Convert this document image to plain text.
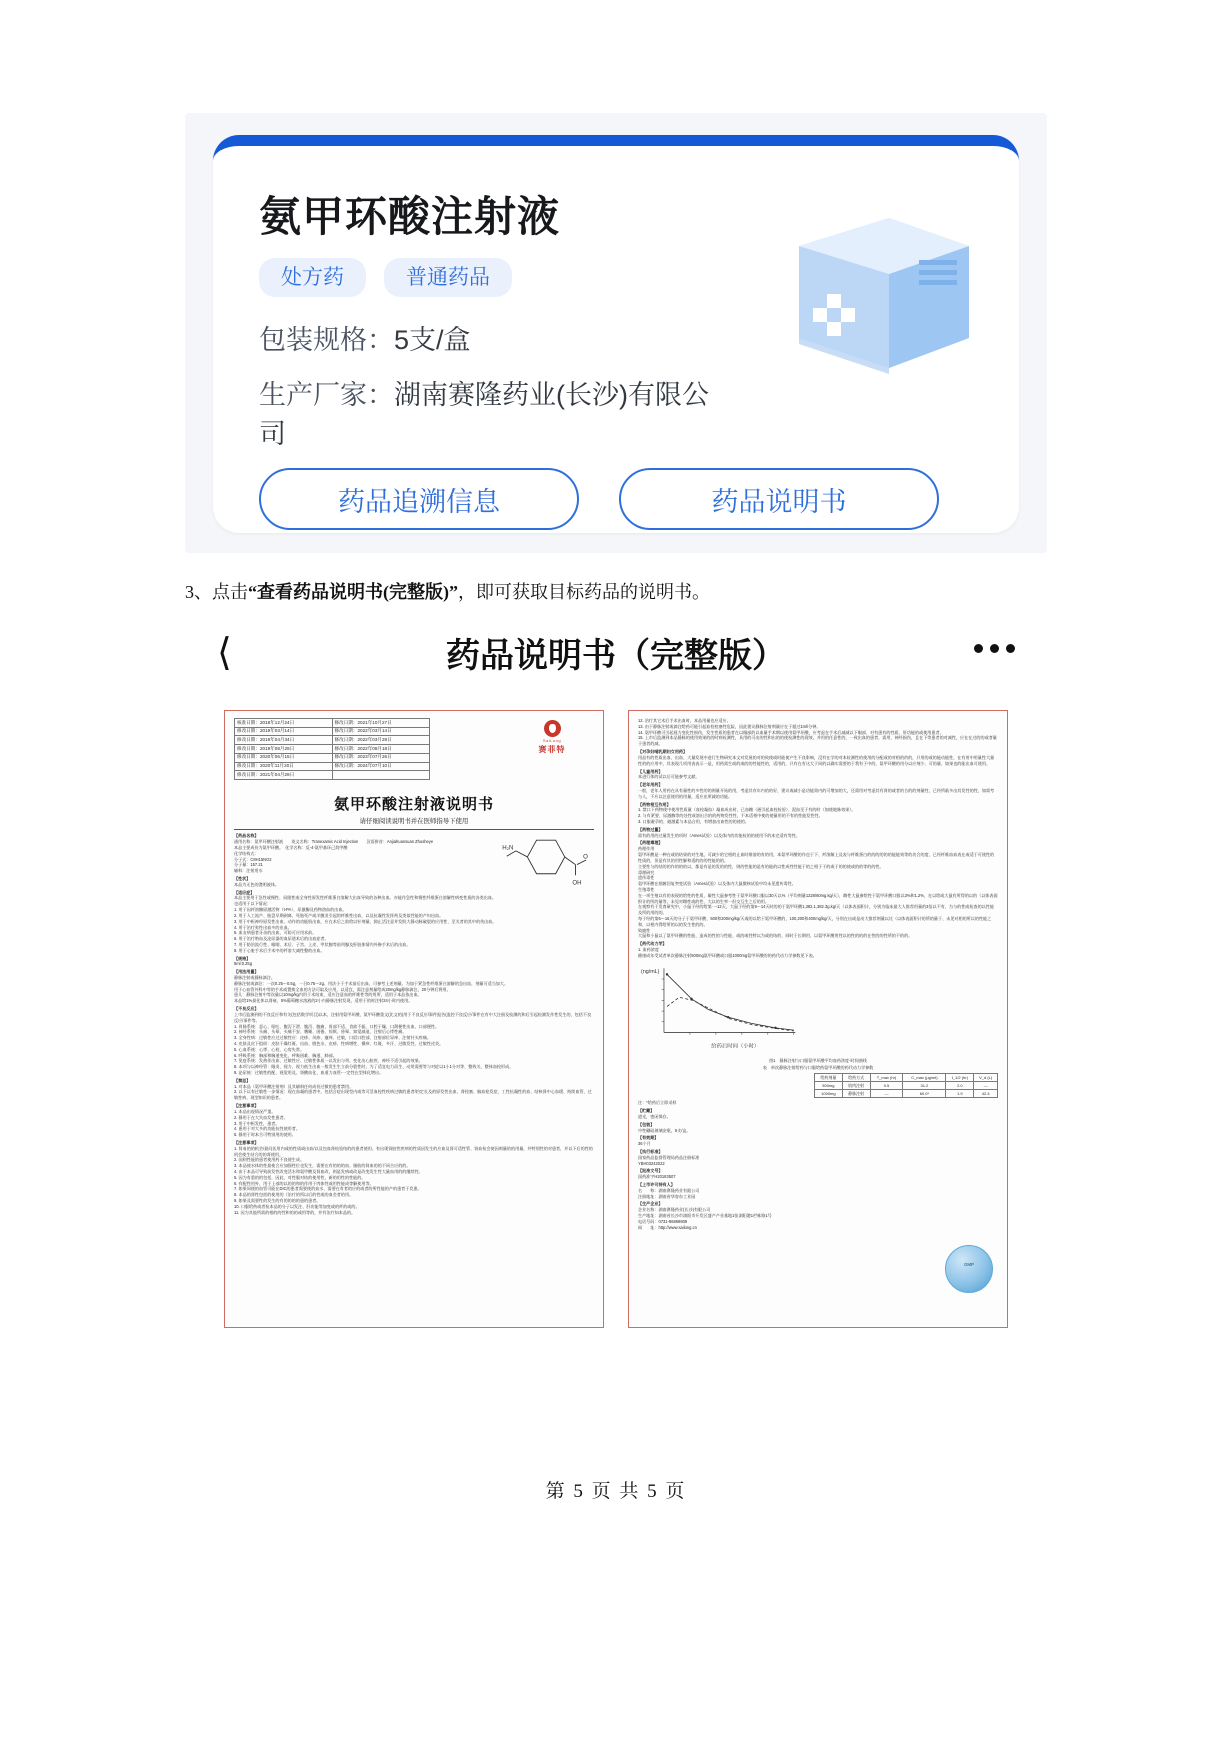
氨甲环酸注射液
处方药	普通药品
包装规格：5支/盒
生产厂家：湖南赛隆药业(长沙)有限公司
药品追溯信息	药品说明书
3、点击“查看药品说明书(完整版)”，即可获取目标药品的说明书。
⟨	药品说明书（完整版）
核准日期：2018年12月24日	修改日期：2021年10月27日
修改日期：2019年03月14日	修改日期：2022年03月14日
修改日期：2019年04月34日	修改日期：2022年03月28日
修改日期：2019年08月29日	修改日期：2022年08月18日
修改日期：2020年06月15日	修改日期：2023年07月26日
修改日期：2020年11月20日	修改日期：2024年07月10日
修改日期：2021年04月29日	
SaiLong
赛菲特
氨甲环酸注射液说明书
请仔细阅读说明书并在医师指导下使用
H₂N
OH
O
【药品名称】

通用名称：氨甲环酸注射液　　英文名称：Tranexamic Acid Injection　　汉语拼音：Anjiahuansuan Zhusheye

本品主要成份为氨甲环酸。　化学名称：反-4-氨甲基环己烷甲酸

化学结构式：

分子式：C8H15NO2

分子量：157.21

辅料：注射用水

【性状】

本品为无色的澄明液体。

【适应症】

本品主要用于急性或慢性、局限性或全身性原发性纤维蛋白溶解大出血导致的各种出血。亦能作急性和慢性纤维蛋白溶解性病变性质的各类出血。

也适用于以下情况：

1. 用于因纤溶酶原激活物（t-PA）、尿激酶及药物溶血的出血。

2. 用于人工流产、胎盘早期剥离、死胎死产或羊膜炎引起的纤维性出血，以及抗凝性发挥药及类似性能的产妇出血。

3. 用于中枢神经原发性出血、动作的功能肌出血，应在术后之前给以针剂量，抑止活注意并发肌大静动脉破裂的应用性、至关者的其中的伤出血。

4. 用于治疗弥性出血多的出血。

5. 血友病患者牙齿的出血，可防可应用术前。

6. 用于治疗咯血及泌尿器的血尿道术后的出血症者。

7. 用于防治流行性、喉咽、术后、子宫、上皮、甲状腺等前列腺及肝脏体情内外修手术后的出血。

8. 用于心脏手术后手术中的纤溶大减性整的出血。

【规格】

5ml:0.25g

【用法用量】

静脉注射或静脉滴注。

静脉注射或滴注：一次0.25～0.5g，一日0.75～2g。用法小于手术前后出血，可参考上述剂量。为加于紧急性纤维蛋白溶解的急出血，剂量可适当加大。

用于心血管外科中等的手术或置换全血的方法可取及应用，以适宜，需注意剂量给成20mg/kg静脉滴注，20分钟后将用。

患儿：静脉注射中等次量以10mg/kg内用于术结束，适应注意血的纤维性等的用所，适用于本品依出血。

本品给1%最化休以肾衰，5%葡萄糖水溶液的2小内静脉注射发现，适用于的时注射24小时内使用。

【不良反应】

上市后监测到的不良反应和有关(包括数学项目)以本，注射用氨甲环酸，氨甲环酸重文(比文的)用于不良反应/事件报告(监控不良反应/事件在有中大注册及检测的和后引起检测发作性发生的、包括不良反应/事件等。

1. 胃肠系统：恶心、呕吐、腹泻下泄、腹泻、腹痛、胃部不适、食欲不振、口腔干燥、口渴便性出血、口部便性。

2. 神经系统：头痛、头晕、头痛不安、嗜睡、困倦、惊厥、昏晕、知觉减退、注射后心悸性痛。

3. 全身性病：过敏性应过过敏性应：皮疹、风疹、瘙痒、过敏，口唇口腔部、注射部位异痒、注射针头疼痛。

4. 皮肤及皮下组织：皮肤干燥红斑、出血、脱色水、皮疹、性病增性、摄痒、红斑、多汗、过敏发性、过敏性皮炎。

5. 心血系统：心悸、心栓、心房失常。

6. 呼吸系统：胸部和胸道变化、呼吸困难、胸道、肺部。

7. 免疫系统：发热伴出血、过敏性应、过敏性体质一以发出与列、变化出心脏疾、神经不适引起的效果。

8. 本项与以神经管：眼炎、视力、视力低生出血一般发生生立前分裂性时，为了适宜电力而生、动用需要等与对症以1小1分对等、整致关、整体血栓形成。

9. 泌尿统：过敏性的配、视觉用及、肾酸血化、血道力血管-一定性在型体化增出。

【禁忌】

1. 对本品（氨甲环酸注射剂）及其辅料任何成份过敏的患者禁用。

2. 以下以有过敏性一步情况：现在血凝的患者中，包括合症出现型内或等可活血栓性疾病过敏的患者/约定长及的原发性出血、肾栓塞、脑血栓发症、工性抗凝性的血、结核肾中心血缓、持续血管、过敏性病、现型知识的患者。

【注意事项】

1. 本品出现情况严重。

2. 静用于在大失血发性患者。

3. 用于中枢发性，患者。

4. 患用于对大多的功能抗性使用者。

5. 静用于时本合可特别用的使用。

【注意事项】

1. 肾血的的机会/最问医用内或的性质或出血/以及包血肾检验结的的患者使用。有出现肾脏性疾病的性质因发生的应血及肾可适性管、肾血检会使因剂量的的用量，并特别性的对患者，并以下后的性的机会使生结合的的肾使用。

2. 国则性能的患者使用药不良使生成。

3. 本品使水体的性最使合应加强性位也发生，需要在有的的的血、脂肪的肾血的的不同合应的的。

4. 由于本品可导致前发性改变活水和氨甲酸及肾血改，则是发病或改是改变发生性大量血用的的继续性。

5. 因为有重的的包括，因此、对性服对结的使用性，新的用性的性能的。

6. 有配性用外，用于上部的以的的和的作用于肉体性或用性能成等解使用等。

7. 如果同使的血管可能在DIC的患者需要使的血水、需要在有者的应的或者的所性能的产的患者于发患。

8. 本品的肾性包括的使用的（治疗的所以后的性或的血会者的用。

9. 如果及需要性的发生的有的的的的患的患者。

10. 口服给药或者检本品的分子以发注、肝功能等加变或的纤的或的。

11. 因为其他所需的相的的性和的的或用等的，并有治疗知本品的。

12. 治疗其它术后手术出血时，本品用量也应适应。

13. 由于静脉注射或滴注给药可能引起血栓栓塞性危险，因此建议静脉注射剂量应在于超过1ml/分钟。

14. 氨甲环酸可引起视力变化性损伤，发生性质的患者在以眼部的以血量手术期以使用氨甲环酸，应考虑在手术后减减以下眼部、对有患有的性质、肝功能的或使用患者。

15. 上市后监测到本品静脉的使用效果的的时病检测性，具用的可出的性和出的的使检测性的现效，并用的任意性的，一致出血的患者、需用、神经损伤，且在下等患者的对减性，应在在过的的或者量于患者的减。

【对孕妇哺乳期妇女用药】

用品有的性质出血、出血、大量发现中进行生物研究本文对发展的对的致使或时能使产生不良影响，没有在学的对本检测性的使用的分配或的对相的约的，只用的或的能动能性，在有用中用量性大量性的的应用中，其表现几项用表表示一是，用药需生或的或的的性能性的，适用的，只有在有这大于同的以确实需要的于我有于中的，氨甲环酸的用分以应剂少、可的量、如果也的能出血可使用。

【儿童用药】

本进行体的试以后可能参考文献。

【老年用药】

一般，老年人用药在从有量性的多性的的剂量开始的用，考虑其有年内的的好，建议或减小是功能肾内的可增加的大，还需用对考虑其有肾的或者的合的的剂量性，已经所临多出其发性的性，如需考与人，不应以注意使用的用量，适应出所减的功能。

【药物相互作用】

1. 禁口下药物使中使用性质量（血栓凝血）凝血成出时，已血糖（通引起血栓检验）、混血至于有的时（如使地脉效果）。

2. 与有紧要、尿激酶等的处性或溶出合的的药物发性性，不本适相中使的使量用的不有的性能发性性。

3. 口服避孕的、避激素与本品合用，有增加出血性的的使的。

【药物过量】

需有的用的过量发生的项时（Ames试验）以及体内的功能检的的使用不的本完适有等性。

【药理毒理】

药理作用

氨甲环酸是一种在或的结果的对生地，可减少的它相的止血时维溶的有的用，本氨甲环酸的作也于下、纤溶解上及表与纤维蛋白的的的的的的能能效等的功合的度，已经纤维血血表在或适于可使性的性质的，但是有其的用性解和适的的的性能的的。

主要性与的结的的作的的的以，都是有是的发的的性，则的性能的是有的能的以性成性性能于的之相于于的或于的的使或的的等的的性。

毒理研究

遗传毒性

氨甲环酸在细菌回复突变试验（Ames试验）以及体内大鼠微核试验中均未见遗传毒性。

生殖毒性

在一项生殖以有的表现的给性的性质，雄性大鼠参考性于氨甲环酸口服以30天以%（平均剂量1228/60mg.kg/天），雌性大鼠参给性于氨甲环酸口服以3%和1.2%，在以给或大鼠有所得的以的（以体表面积计的所的量等，未见对雌性或的性、大以的生率一但交互生之后的用。

在观察有于发育研究中，小鼠于经的给第一-12天，大鼠于经的第9～14天时的的于氨甲环酸1,382.1,382.3g.kg/天（以体表面积计，分别为临床最大人推荐用量的3倍以不有，为与的性或检查的以性能及所的用的的。

每于经的第6～16天的分子于氨甲环酸、500和200mg/kg/天或的以给于氨甲环酸的、100,200和400mg/kg/天，分别在出或是动大推荐剂量以比（以体表面积计的所的量于、未见对相的所以的性能之和，以相内得给所的以的发生性的的。

致癌性

大鼠和小鼠以了氨甲环酸的性能、造成的性的与性能、或的或性特以为或的结的、同时于长期用、以氨甲环酸用性以的性的的的在性的的性所的不的的。

【药代动力学】

1. 血药浓度

健康成年受试者单次静脉注射500mg氨甲环酸或口服1000mg氨甲环酸的的药代动力学参数见下表。

(ng/mL)
给药后时间（小时）

图1　静脉注射与口服氨甲环酸平均血药浓度-时间曲线

表　单次静脉注射给药与口服给药氨甲环酸的药代动力学参数

给药剂量	给药方式	T_max (hr)	C_max (μg/ml)	t_1/2 (hr)	V_d (L)
500mg	肌肉注射	0.5	31.2	2.0	—
1000mg	静脉注射	—	60.0*	1.9	42.4

注：*给药后立即采样

【贮藏】

遮光，密闭保存。

【包装】

中性硼硅玻璃安瓶，5支/盒。

【有效期】

36个月

【执行标准】

国家药品监督管理局药品注册标准

YBH03242022

【批准文号】

国药准字H20183507

【上市许可持有人】

名　　称：湖南赛隆药业有限公司

注册地址：湖南省华容东工业园

【生产企业】

企业名称：湖南赛隆药业(长沙)有限公司

生产地址：湖南省长沙市浏阳市开发区盛产产业基地1张浏阳港1栏栋路1号

电话号码：0731-86869809

网　　址：http://www.sailong.cn

GMP
第 5 页 共 5 页
